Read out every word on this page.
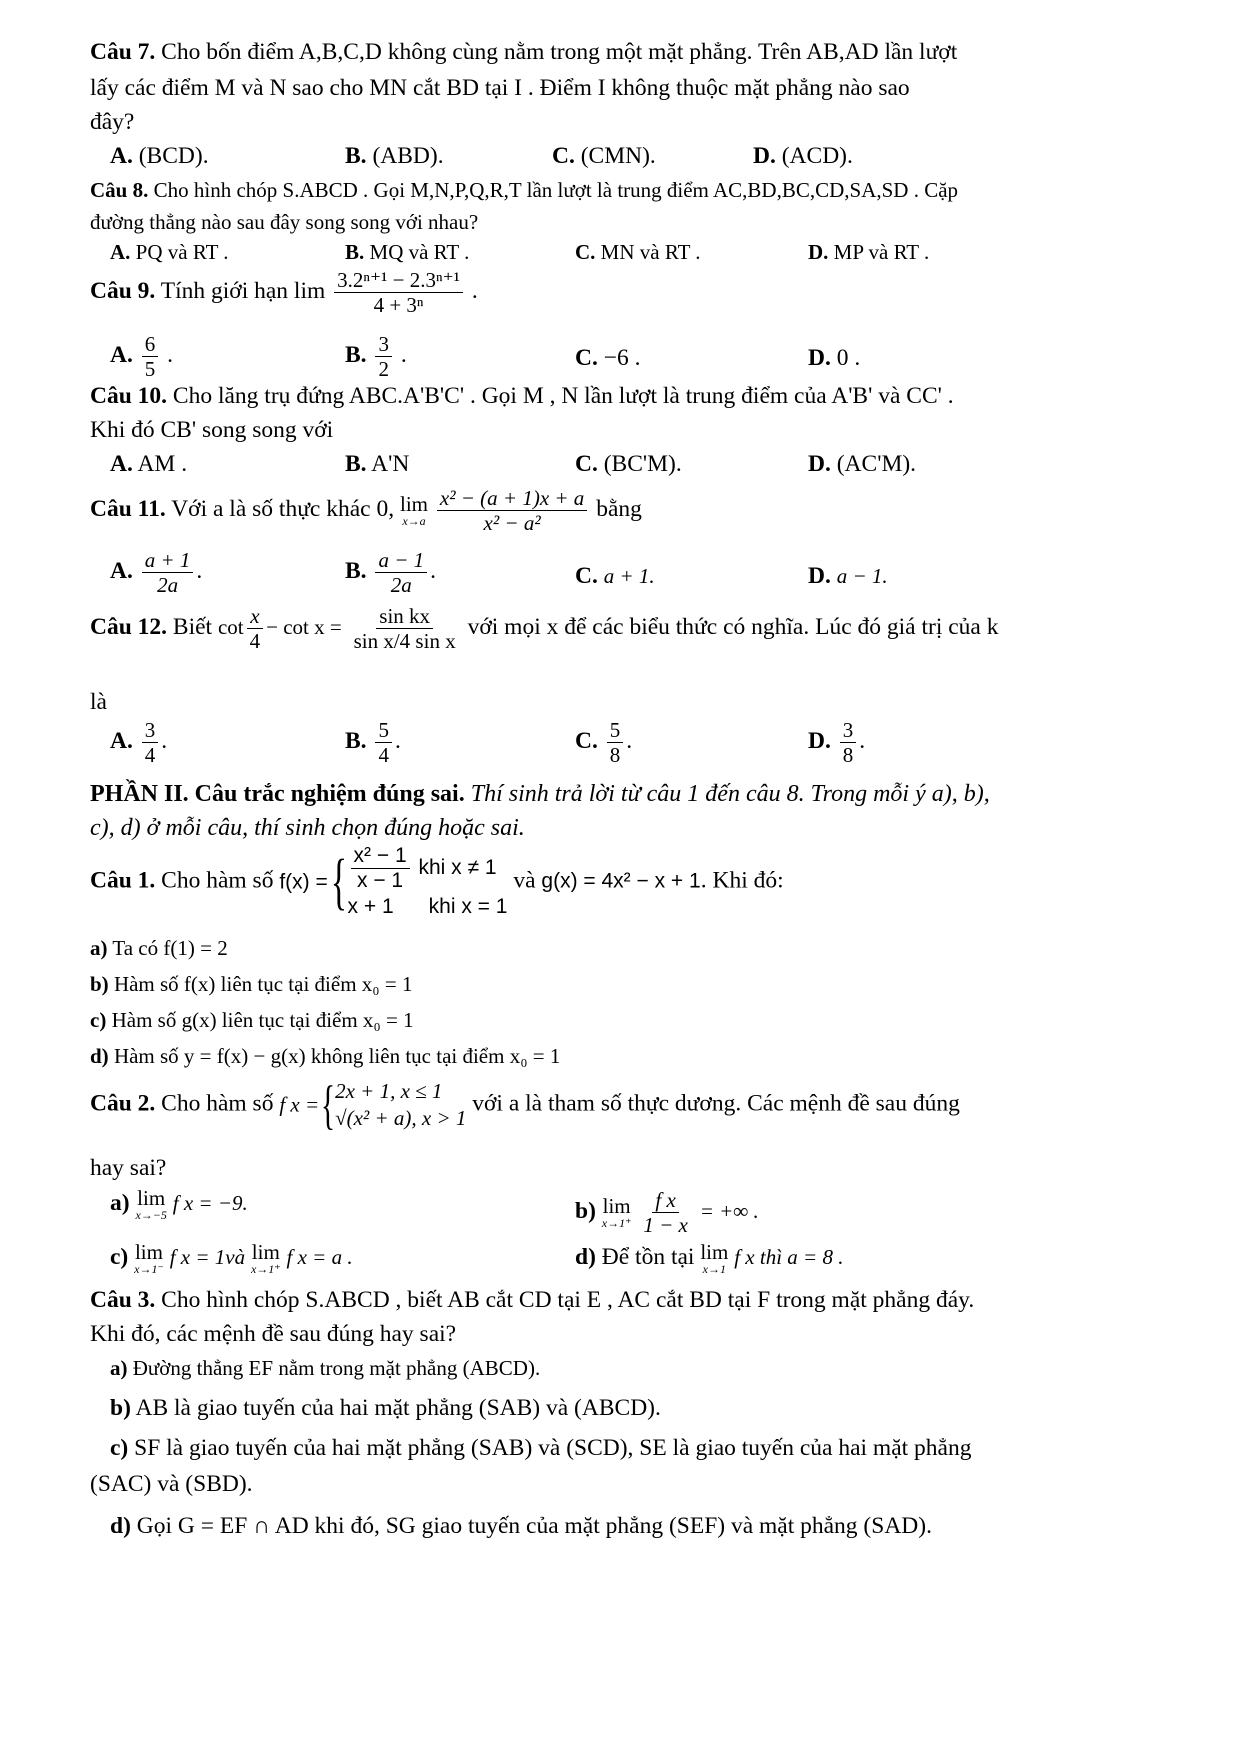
Câu 7. Cho bốn điểm A,B,C,D không cùng nằm trong một mặt phẳng. Trên AB,AD lần lượt
lấy các điểm M và N sao cho MN cắt BD tại I . Điểm I không thuộc mặt phẳng nào sao
đây?
A. (BCD).	B. (ABD).	C. (CMN).	D. (ACD).
Câu 8. Cho hình chóp S.ABCD . Gọi M,N,P,Q,R,T lần lượt là trung điểm AC,BD,BC,CD,SA,SD . Cặp
đường thẳng nào sau đây song song với nhau?
A. PQ và RT .	B. MQ và RT .	C. MN và RT .	D. MP và RT .
Câu 9. Tính giới hạn $\lim \frac{\text{3.2ⁿ⁺¹ − 2.3ⁿ⁺¹}}{\text{4 + 3ⁿ}}$ .
A. $\frac{6}{5}$ .	B. $\frac{3}{2}$ .	C. −6 .	D. 0 .
Câu 10. Cho lăng trụ đứng ABC.A'B'C' . Gọi M , N lần lượt là trung điểm của A'B' và CC' .
Khi đó CB' song song với
A. AM .	B. A'N	C. (BC'M).	D. (AC'M).
Câu 11. Với a là số thực khác 0, lim
x→a
$\frac{\text{x² − (a + 1)x + a}}{\text{x² − a²}}$ bằng
A. $\frac{a + 1}{2a}$ .	B. $\frac{a - 1}{2a}$ .	C. a + 1.	D. a − 1.
Câu 12. Biết $\cot \frac{x}{4} - \cot x = \frac{\text{sin kx}}{\text{sin x/4 sin x}}$ với mọi x để các biểu thức có nghĩa. Lúc đó giá trị của k
là
A. $\frac{3}{4}$ .	B. $\frac{5}{4}$ .	C. $\frac{5}{8}$ .	D. $\frac{3}{8}$ .
PHẦN II. Câu trắc nghiệm đúng sai. Thí sinh trả lời từ câu 1 đến câu 8. Trong mỗi ý a), b),
c), d) ở mỗi câu, thí sinh chọn đúng hoặc sai.
Câu 1. Cho hàm số f(x) ={ $\frac{\text{x² − 1}}{x - 1}$ khi x ≠ 1
x + 1 khi x = 1
và g(x) = 4x² − x + 1. Khi đó:
a) Ta có f(1) = 2
b) Hàm số f(x) liên tục tại điểm x₀ = 1
c) Hàm số g(x) liên tục tại điểm x₀ = 1
d) Hàm số y = f(x) − g(x) không liên tục tại điểm x₀ = 1
Câu 2. Cho hàm số f x ={ 2x + 1, x ≤ 1
√(x² + a), x > 1
với a là tham số thực dương. Các mệnh đề sau đúng
hay sai?
a) lim
x→−5
f x = −9.	b) lim
x→1⁺
$\frac{\text{f x}}{1 - x}$ = +∞ .
c) lim
x→1⁻
f x = 1và lim
x→1⁺
f x = a .	d) Để tồn tại lim
x→1
f x thì a = 8 .
Câu 3. Cho hình chóp S.ABCD , biết AB cắt CD tại E , AC cắt BD tại F trong mặt phẳng đáy.
Khi đó, các mệnh đề sau đúng hay sai?
a) Đường thẳng EF nằm trong mặt phẳng (ABCD).
b) AB là giao tuyến của hai mặt phẳng (SAB) và (ABCD).
c) SF là giao tuyến của hai mặt phẳng (SAB) và (SCD), SE là giao tuyến của hai mặt phẳng
(SAC) và (SBD).
d) Gọi G = EF ∩ AD khi đó, SG giao tuyến của mặt phẳng (SEF) và mặt phẳng (SAD).
